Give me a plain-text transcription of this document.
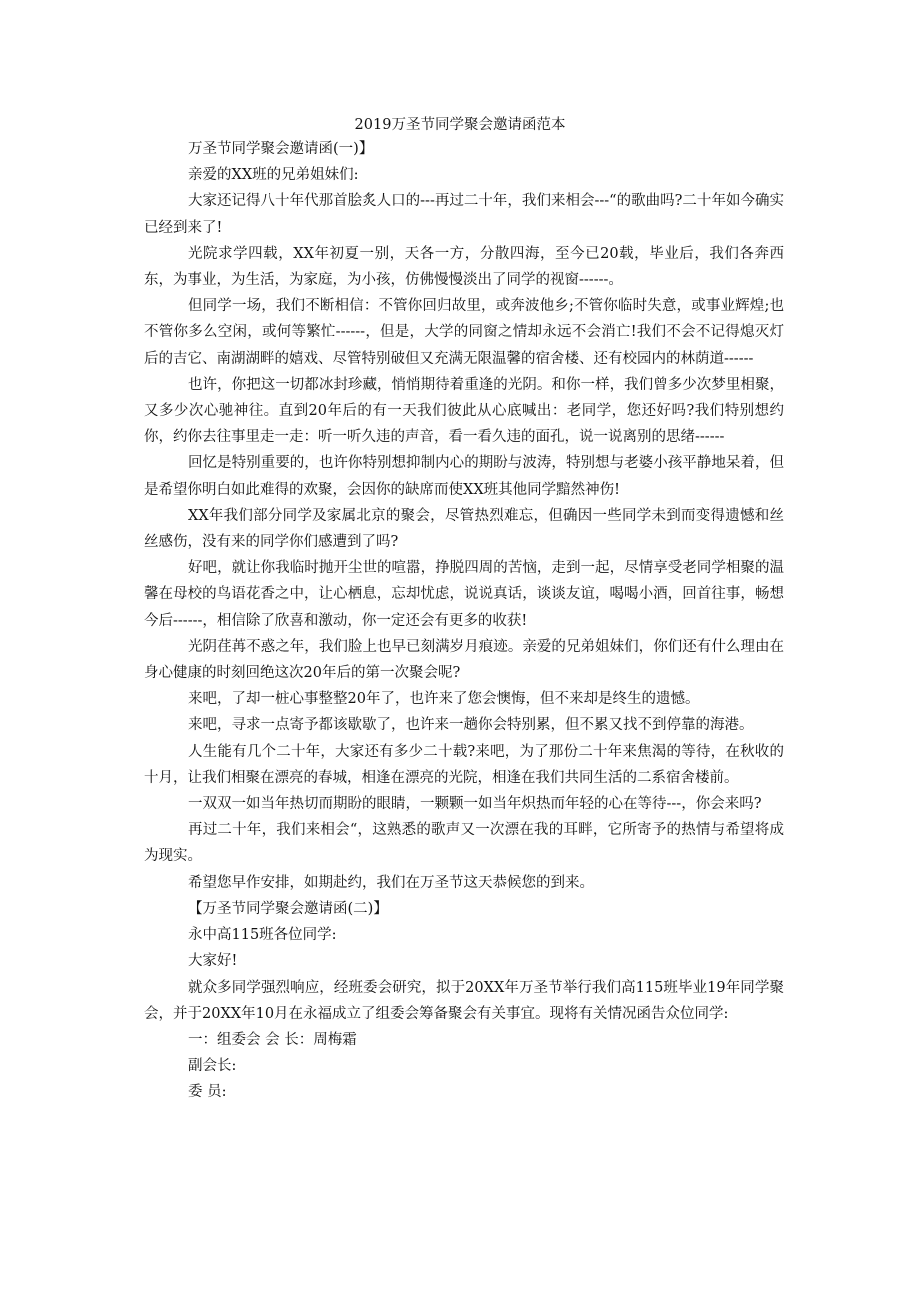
2019万圣节同学聚会邀请函范本

万圣节同学聚会邀请函(一)】

亲爱的XX班的兄弟姐妹们:

大家还记得八十年代那首脍炙人口的---再过二十年，我们来相会---“的歌曲吗?二十年如今确实已经到来了!

光院求学四载，XX年初夏一别，天各一方，分散四海，至今已20载，毕业后，我们各奔西东，为事业，为生活，为家庭，为小孩，仿佛慢慢淡出了同学的视窗------。

但同学一场，我们不断相信：不管你回归故里，或奔波他乡;不管你临时失意，或事业辉煌;也不管你多么空闲，或何等繁忙------，但是，大学的同窗之情却永远不会消亡!我们不会不记得熄灭灯后的吉它、南湖湖畔的嬉戏、尽管特别破但又充满无限温馨的宿舍楼、还有校园内的林荫道------

也许，你把这一切都冰封珍藏，悄悄期待着重逢的光阴。和你一样，我们曾多少次梦里相聚，又多少次心驰神往。直到20年后的有一天我们彼此从心底喊出：老同学，您还好吗?我们特别想约你，约你去往事里走一走：听一听久违的声音，看一看久违的面孔，说一说离别的思绪------

回忆是特别重要的，也许你特别想抑制内心的期盼与波涛，特别想与老婆小孩平静地呆着，但是希望你明白如此难得的欢聚，会因你的缺席而使XX班其他同学黯然神伤!

XX年我们部分同学及家属北京的聚会，尽管热烈难忘，但确因一些同学未到而变得遗憾和丝丝感伤，没有来的同学你们感遭到了吗?

好吧，就让你我临时抛开尘世的喧嚣，挣脱四周的苦恼，走到一起，尽情享受老同学相聚的温馨在母校的鸟语花香之中，让心栖息，忘却忧虑，说说真话，谈谈友谊，喝喝小酒，回首往事，畅想今后------，相信除了欣喜和激动，你一定还会有更多的收获!

光阴荏苒不惑之年，我们脸上也早已刻满岁月痕迹。亲爱的兄弟姐妹们，你们还有什么理由在身心健康的时刻回绝这次20年后的第一次聚会呢?

来吧，了却一桩心事整整20年了，也许来了您会懊悔，但不来却是终生的遗憾。

来吧，寻求一点寄予都该歇歇了，也许来一趟你会特别累，但不累又找不到停靠的海港。

人生能有几个二十年，大家还有多少二十载?来吧，为了那份二十年来焦渴的等待，在秋收的十月，让我们相聚在漂亮的春城，相逢在漂亮的光院，相逢在我们共同生活的二系宿舍楼前。

一双双一如当年热切而期盼的眼睛，一颗颗一如当年炽热而年轻的心在等待---，你会来吗?

再过二十年，我们来相会“，这熟悉的歌声又一次漂在我的耳畔，它所寄予的热情与希望将成为现实。

希望您早作安排，如期赴约，我们在万圣节这天恭候您的到来。

【万圣节同学聚会邀请函(二)】

永中高115班各位同学:

大家好!

就众多同学强烈响应，经班委会研究，拟于20XX年万圣节举行我们高115班毕业19年同学聚会，并于20XX年10月在永福成立了组委会筹备聚会有关事宜。现将有关情况函告众位同学:

一：组委会 会 长：周梅霜

副会长:

委 员:
